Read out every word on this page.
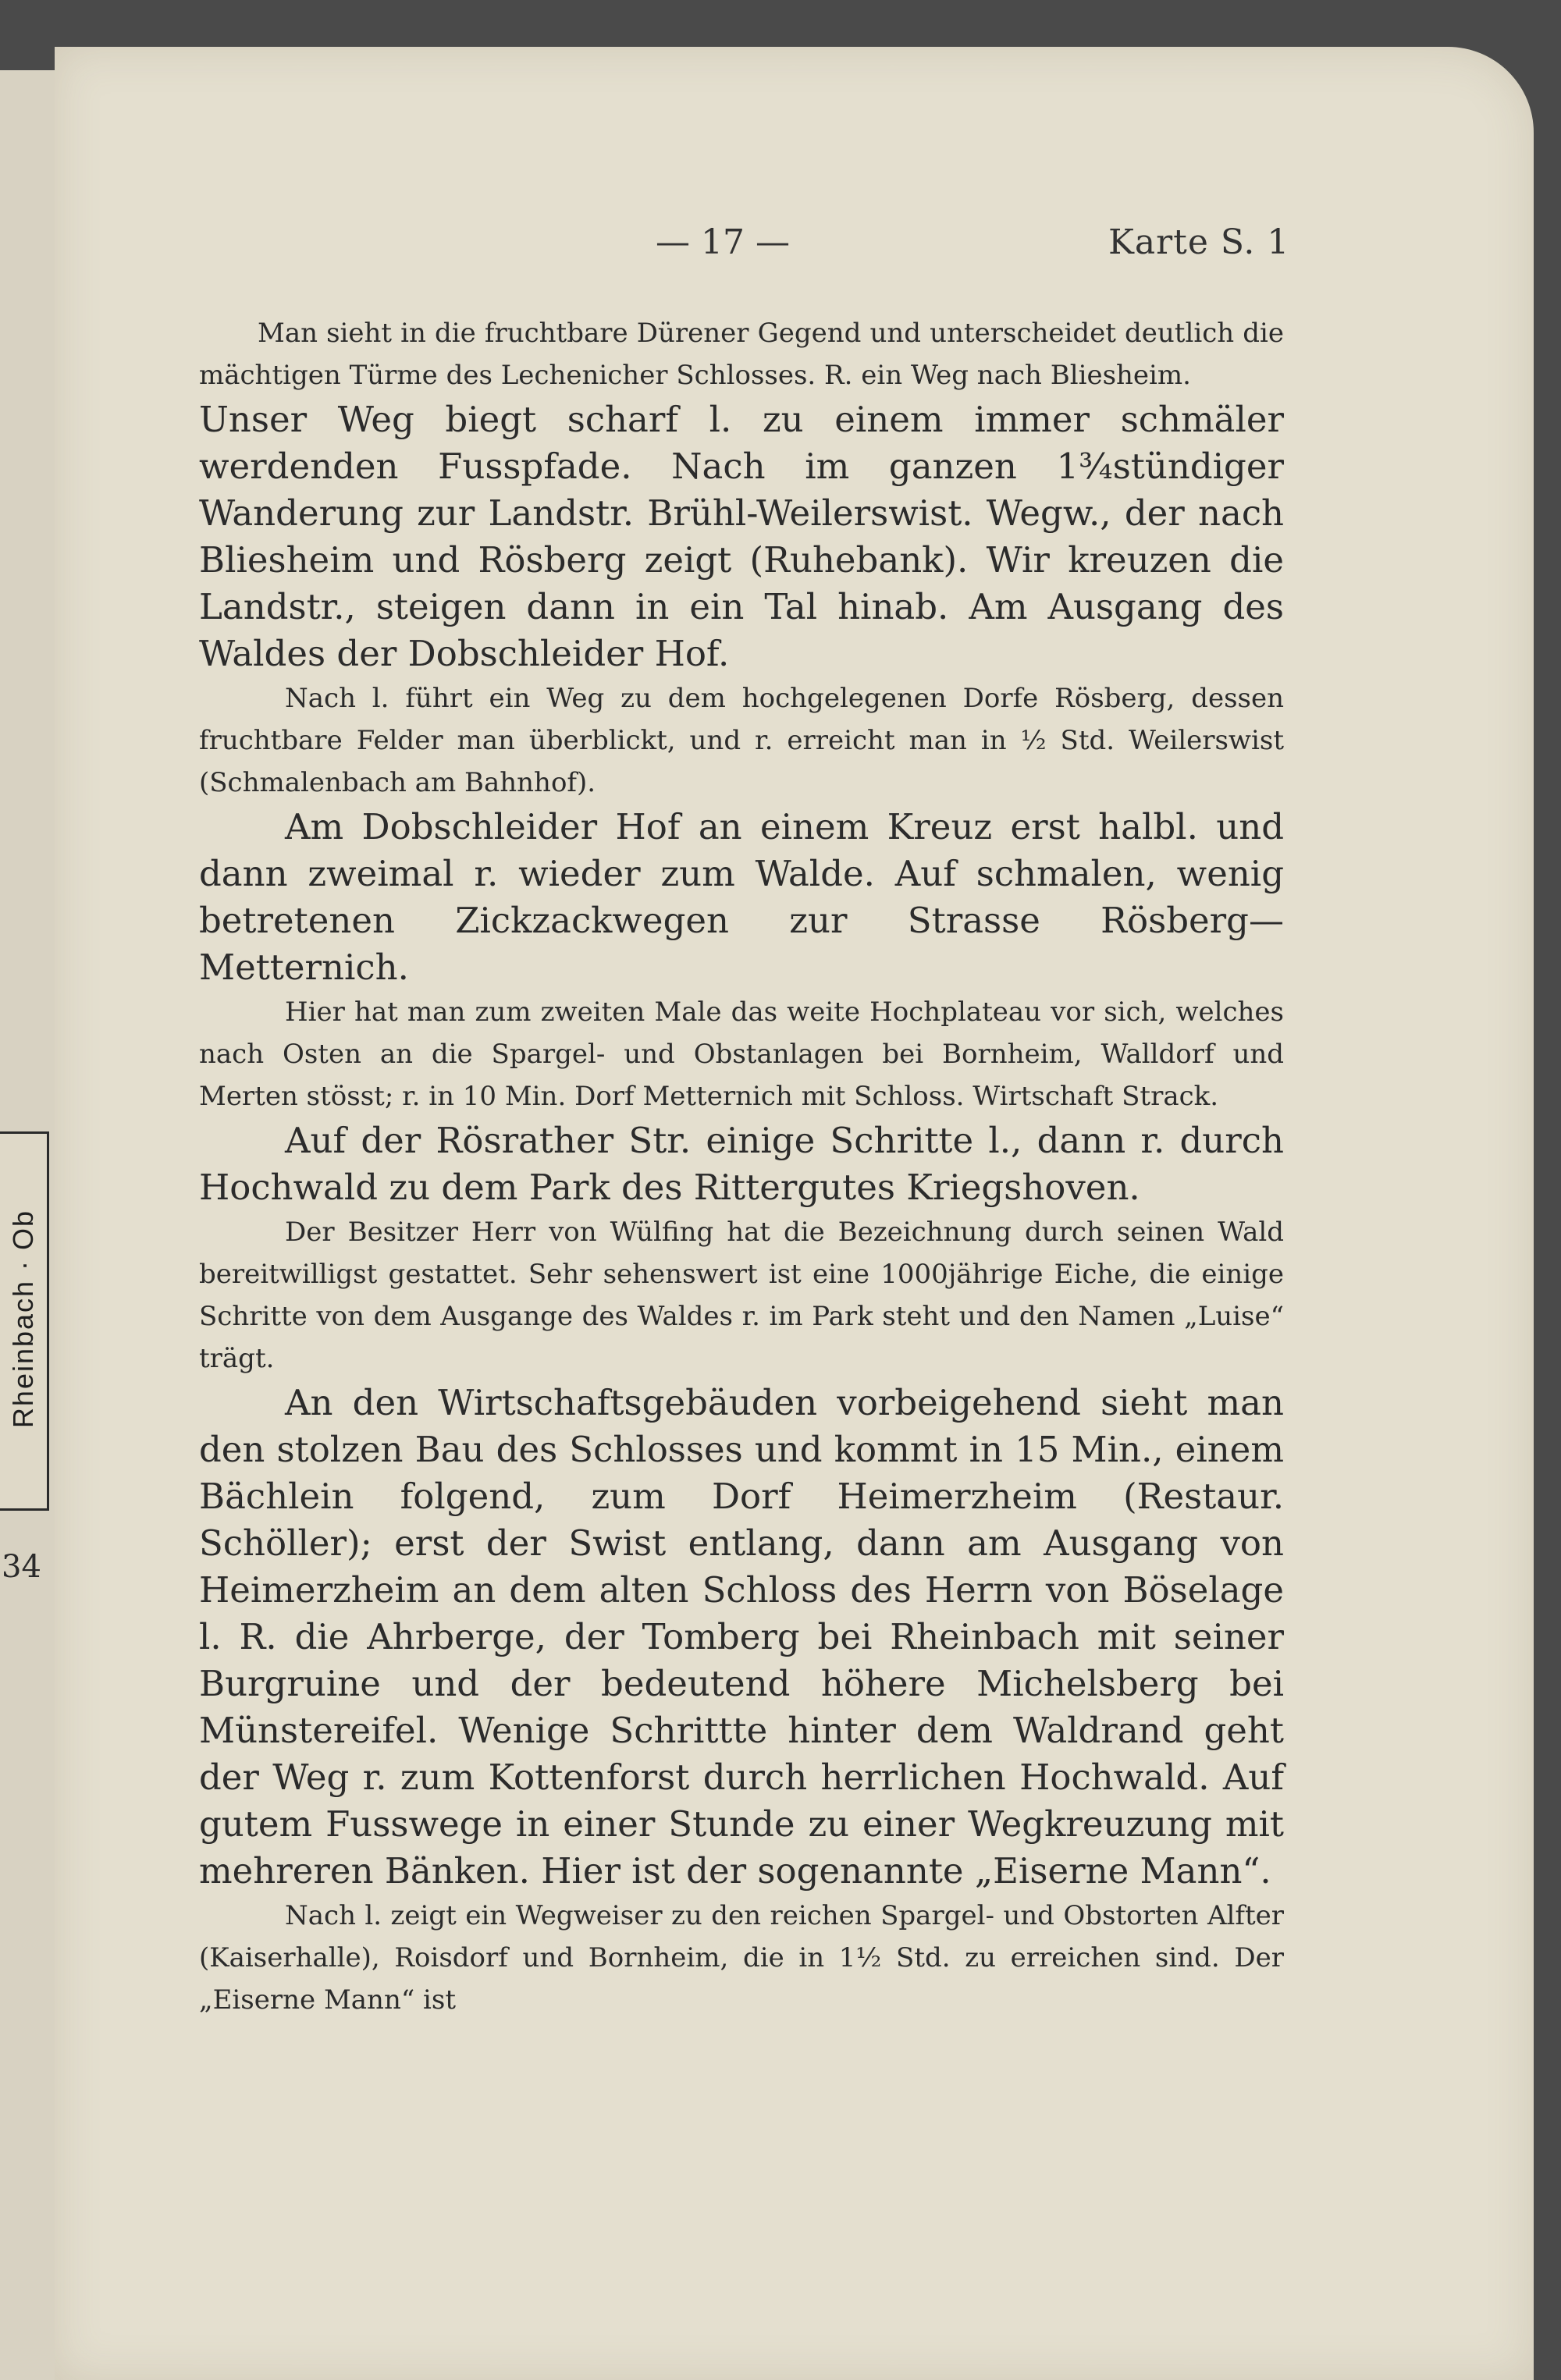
Rheinbach · Ob
34
— 17 —	Karte S. 1

Man sieht in die fruchtbare Dürener Gegend und unterscheidet deutlich die mächtigen Türme des Lechenicher Schlosses. R. ein Weg nach Bliesheim.

Unser Weg biegt scharf l. zu einem immer schmäler werdenden Fusspfade. Nach im ganzen 1¾stündiger Wanderung zur Landstr. Brühl-Weilerswist. Wegw., der nach Bliesheim und Rösberg zeigt (Ruhebank). Wir kreuzen die Landstr., steigen dann in ein Tal hinab. Am Ausgang des Waldes der Dobschleider Hof.

Nach l. führt ein Weg zu dem hochgelegenen Dorfe Rösberg, dessen fruchtbare Felder man überblickt, und r. erreicht man in ½ Std. Weilerswist (Schmalenbach am Bahnhof).

Am Dobschleider Hof an einem Kreuz erst halbl. und dann zweimal r. wieder zum Walde. Auf schmalen, wenig betretenen Zickzackwegen zur Strasse Rösberg—Metternich.

Hier hat man zum zweiten Male das weite Hochplateau vor sich, welches nach Osten an die Spargel- und Obstanlagen bei Bornheim, Walldorf und Merten stösst; r. in 10 Min. Dorf Metternich mit Schloss. Wirtschaft Strack.

Auf der Rösrather Str. einige Schritte l., dann r. durch Hochwald zu dem Park des Rittergutes Kriegshoven.

Der Besitzer Herr von Wülfing hat die Bezeichnung durch seinen Wald bereitwilligst gestattet. Sehr sehenswert ist eine 1000jährige Eiche, die einige Schritte von dem Ausgange des Waldes r. im Park steht und den Namen „Luise“ trägt.

An den Wirtschaftsgebäuden vorbeigehend sieht man den stolzen Bau des Schlosses und kommt in 15 Min., einem Bächlein folgend, zum Dorf Heimerzheim (Restaur. Schöller); erst der Swist entlang, dann am Ausgang von Heimerzheim an dem alten Schloss des Herrn von Böselage l. R. die Ahrberge, der Tomberg bei Rheinbach mit seiner Burgruine und der bedeutend höhere Michelsberg bei Münstereifel. Wenige Schrittte hinter dem Waldrand geht der Weg r. zum Kottenforst durch herrlichen Hochwald. Auf gutem Fusswege in einer Stunde zu einer Wegkreuzung mit mehreren Bänken. Hier ist der sogenannte „Eiserne Mann“.

Nach l. zeigt ein Wegweiser zu den reichen Spargel- und Obstorten Alfter (Kaiserhalle), Roisdorf und Bornheim, die in 1½ Std. zu erreichen sind. Der „Eiserne Mann“ ist
